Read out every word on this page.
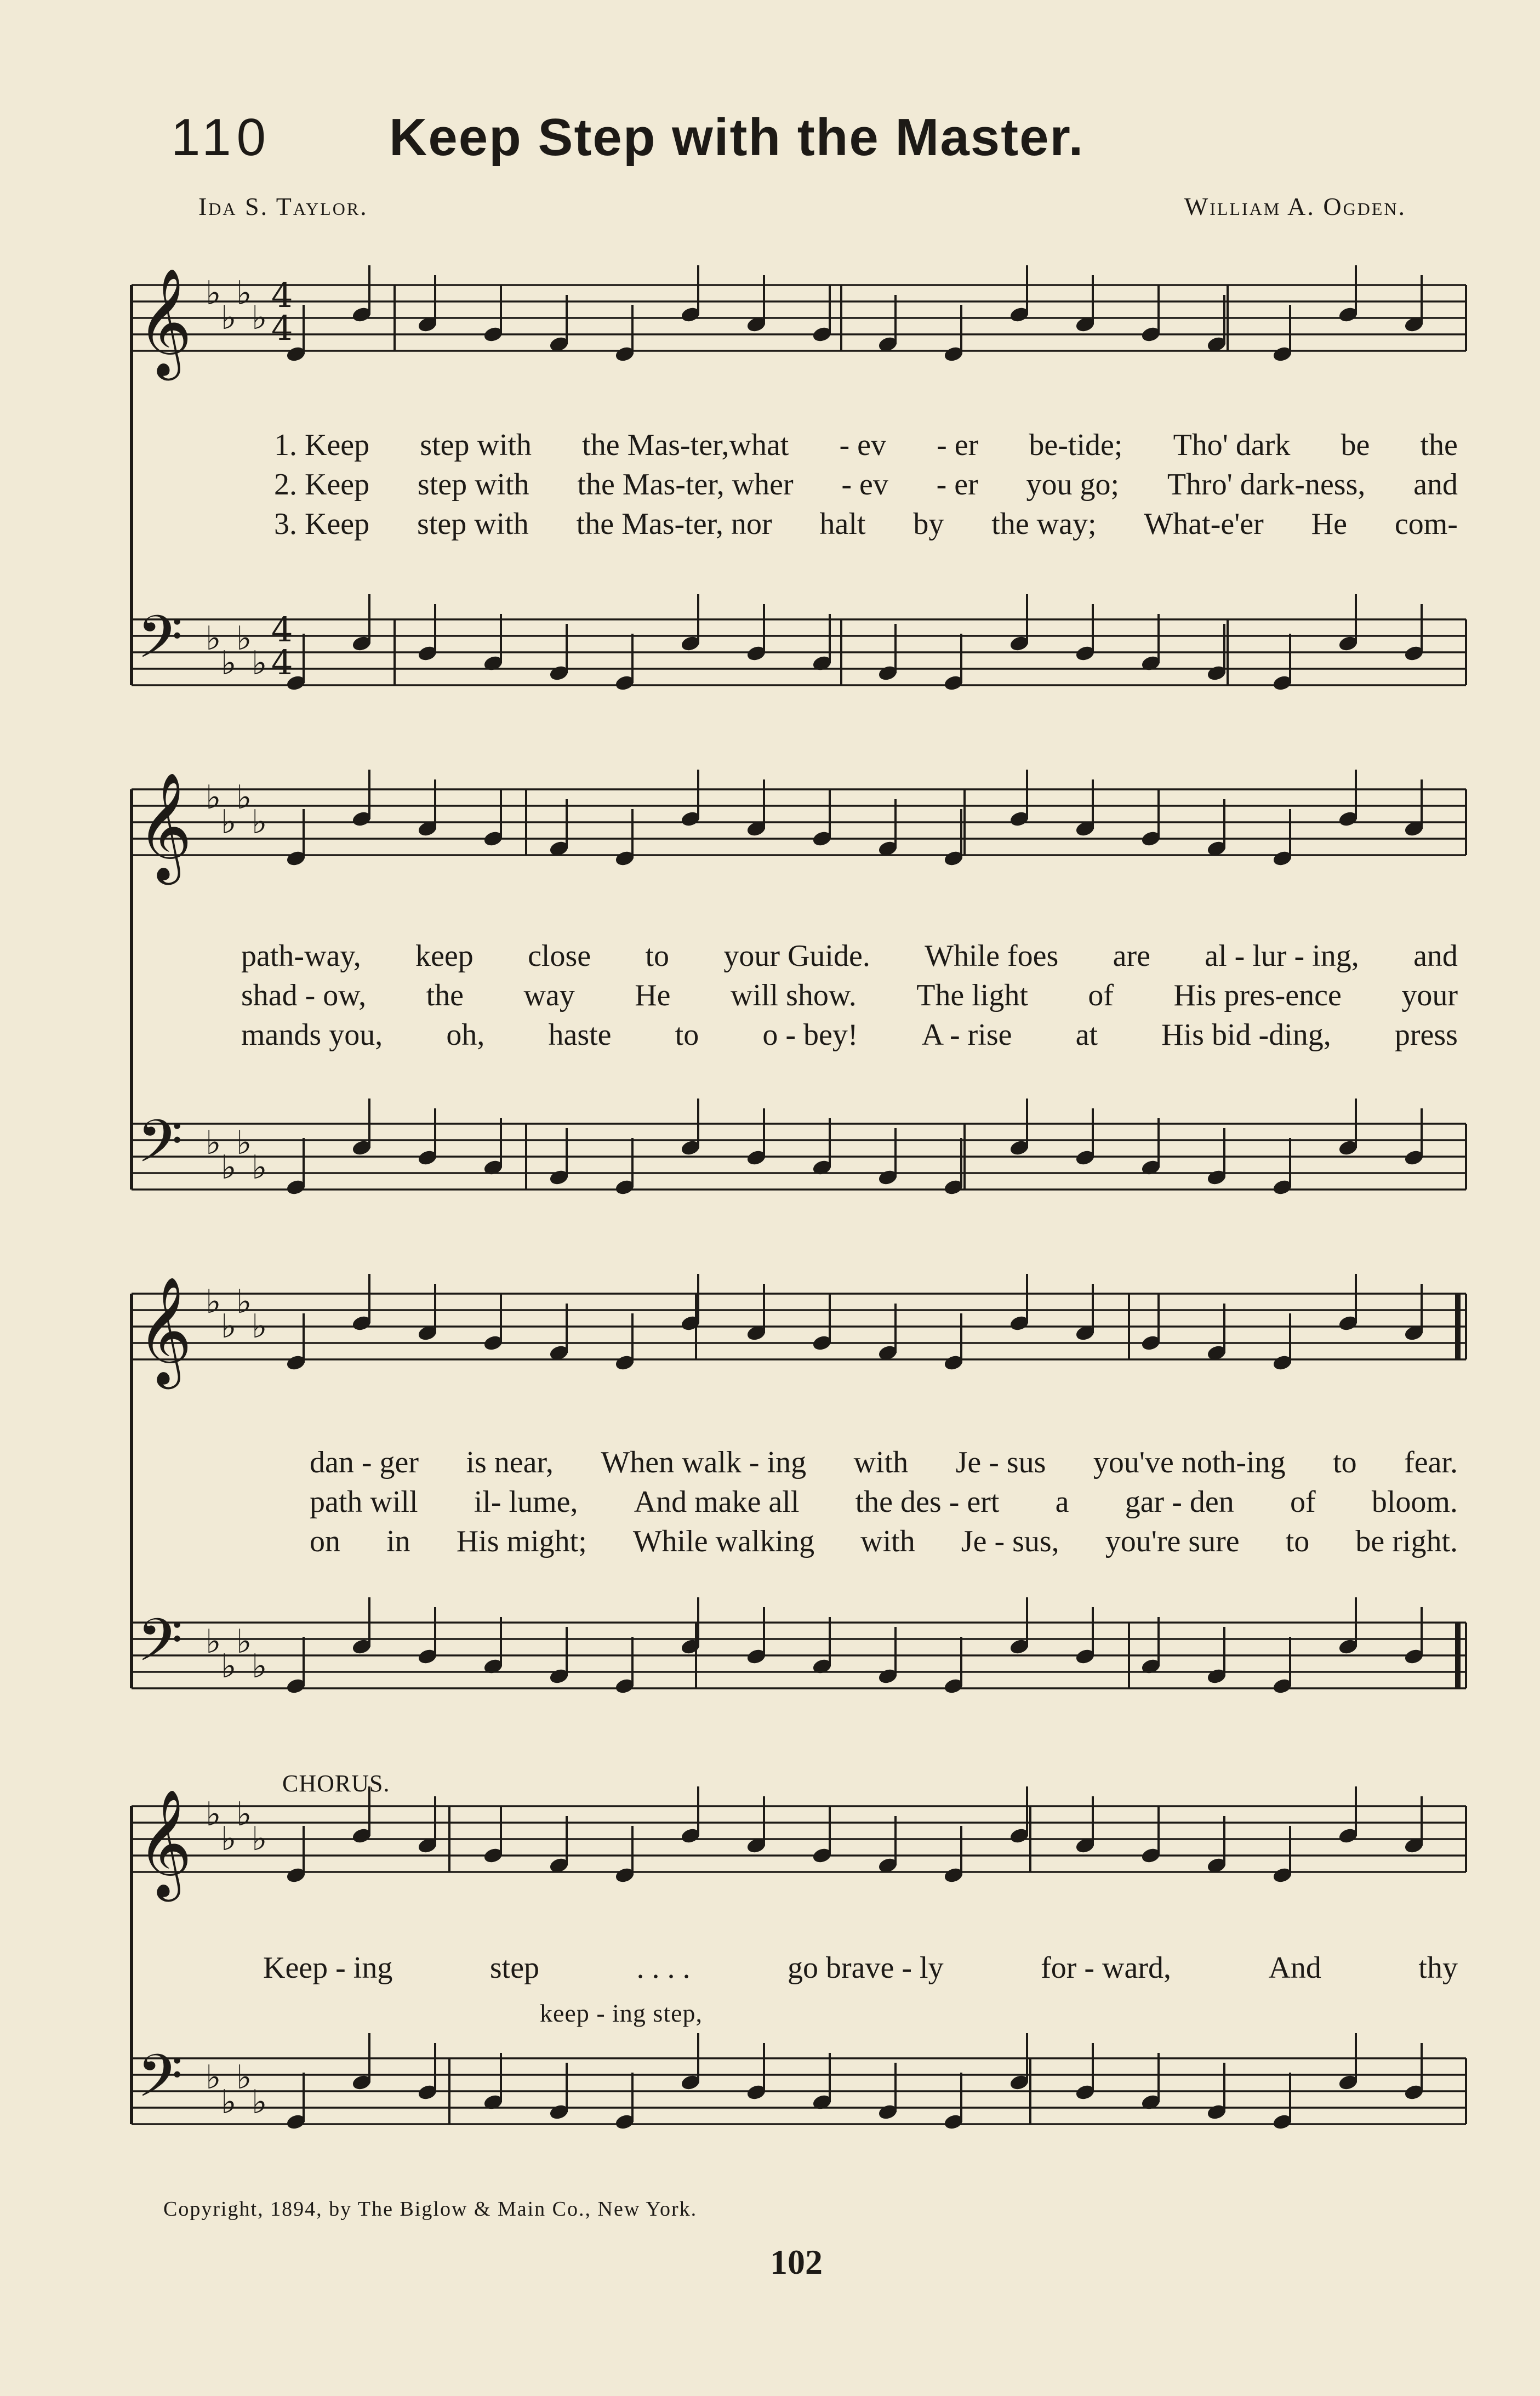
110 Keep Step with the Master.
Ida S. Taylor.	William A. Ogden.
𝄞
𝄢
♭
♭
♭
♭
♭
♭
♭
♭
𝄞
𝄢
♭
♭
♭
♭
♭
♭
♭
♭
𝄞
𝄢
♭
♭
♭
♭
♭
♭
♭
♭
𝄞
𝄢
♭
♭
♭
♭
♭
♭
♭
♭
4
4
4
4
1. Keep step with the Mas-ter,what - ev - er be-tide; Tho' dark be the
2. Keep step with the Mas-ter, wher - ev - er you go; Thro' dark-ness, and
3. Keep step with the Mas-ter, nor halt by the way; What-e'er He com-
path-way, keep close to your Guide. While foes are al - lur - ing, and
shad - ow, the way He will show. The light of His pres-ence your
mands you, oh, haste to o - bey! A - rise at His bid -ding, press
dan - ger is near, When walk - ing with Je - sus you've noth-ing to fear.
path will il- lume, And make all the des - ert a gar - den of bloom.
on in His might; While walking with Je - sus, you're sure to be right.
CHORUS.
Keep - ing	step	. . . .	go brave - ly	for - ward,	And	thy
keep - ing step,
Copyright, 1894, by The Biglow & Main Co., New York.
102
